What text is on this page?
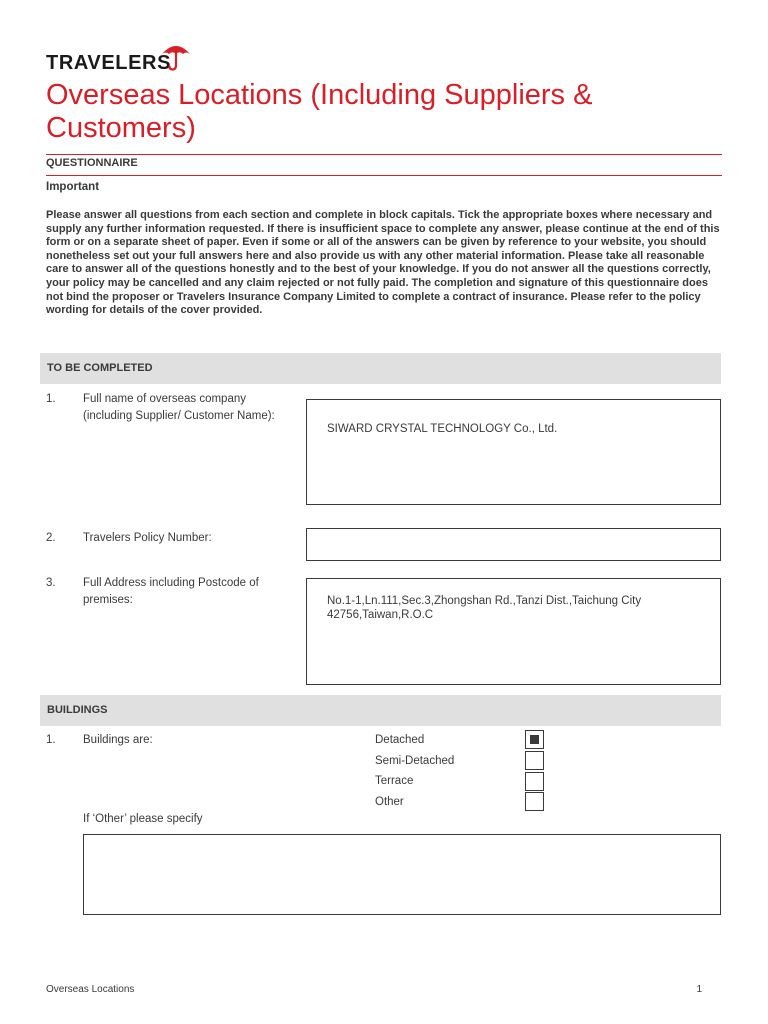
TRAVELERS
Overseas Locations (Including Suppliers & Customers)
QUESTIONNAIRE
Important

Please answer all questions from each section and complete in block capitals. Tick the appropriate boxes where necessary and supply any further information requested. If there is insufficient space to complete any answer, please continue at the end of this form or on a separate sheet of paper. Even if some or all of the answers can be given by reference to your website, you should nonetheless set out your full answers here and also provide us with any other material information. Please take all reasonable care to answer all of the questions honestly and to the best of your knowledge. If you do not answer all the questions correctly, your policy may be cancelled and any claim rejected or not fully paid. The completion and signature of this questionnaire does not bind the proposer or Travelers Insurance Company Limited to complete a contract of insurance. Please refer to the policy wording for details of the cover provided.

TO BE COMPLETED
1. Full name of overseas company (including Supplier/ Customer Name):
SIWARD CRYSTAL TECHNOLOGY Co., Ltd.
2. Travelers Policy Number:
3. Full Address including Postcode of premises:	No.1-1,Ln.111,Sec.3,Zhongshan Rd.,Tanzi Dist.,Taichung City 42756,Taiwan,R.O.C
BUILDINGS
1. Buildings are:	Detached
Semi-Detached
Terrace
Other
If ‘Other’ please specify
Overseas Locations	1
